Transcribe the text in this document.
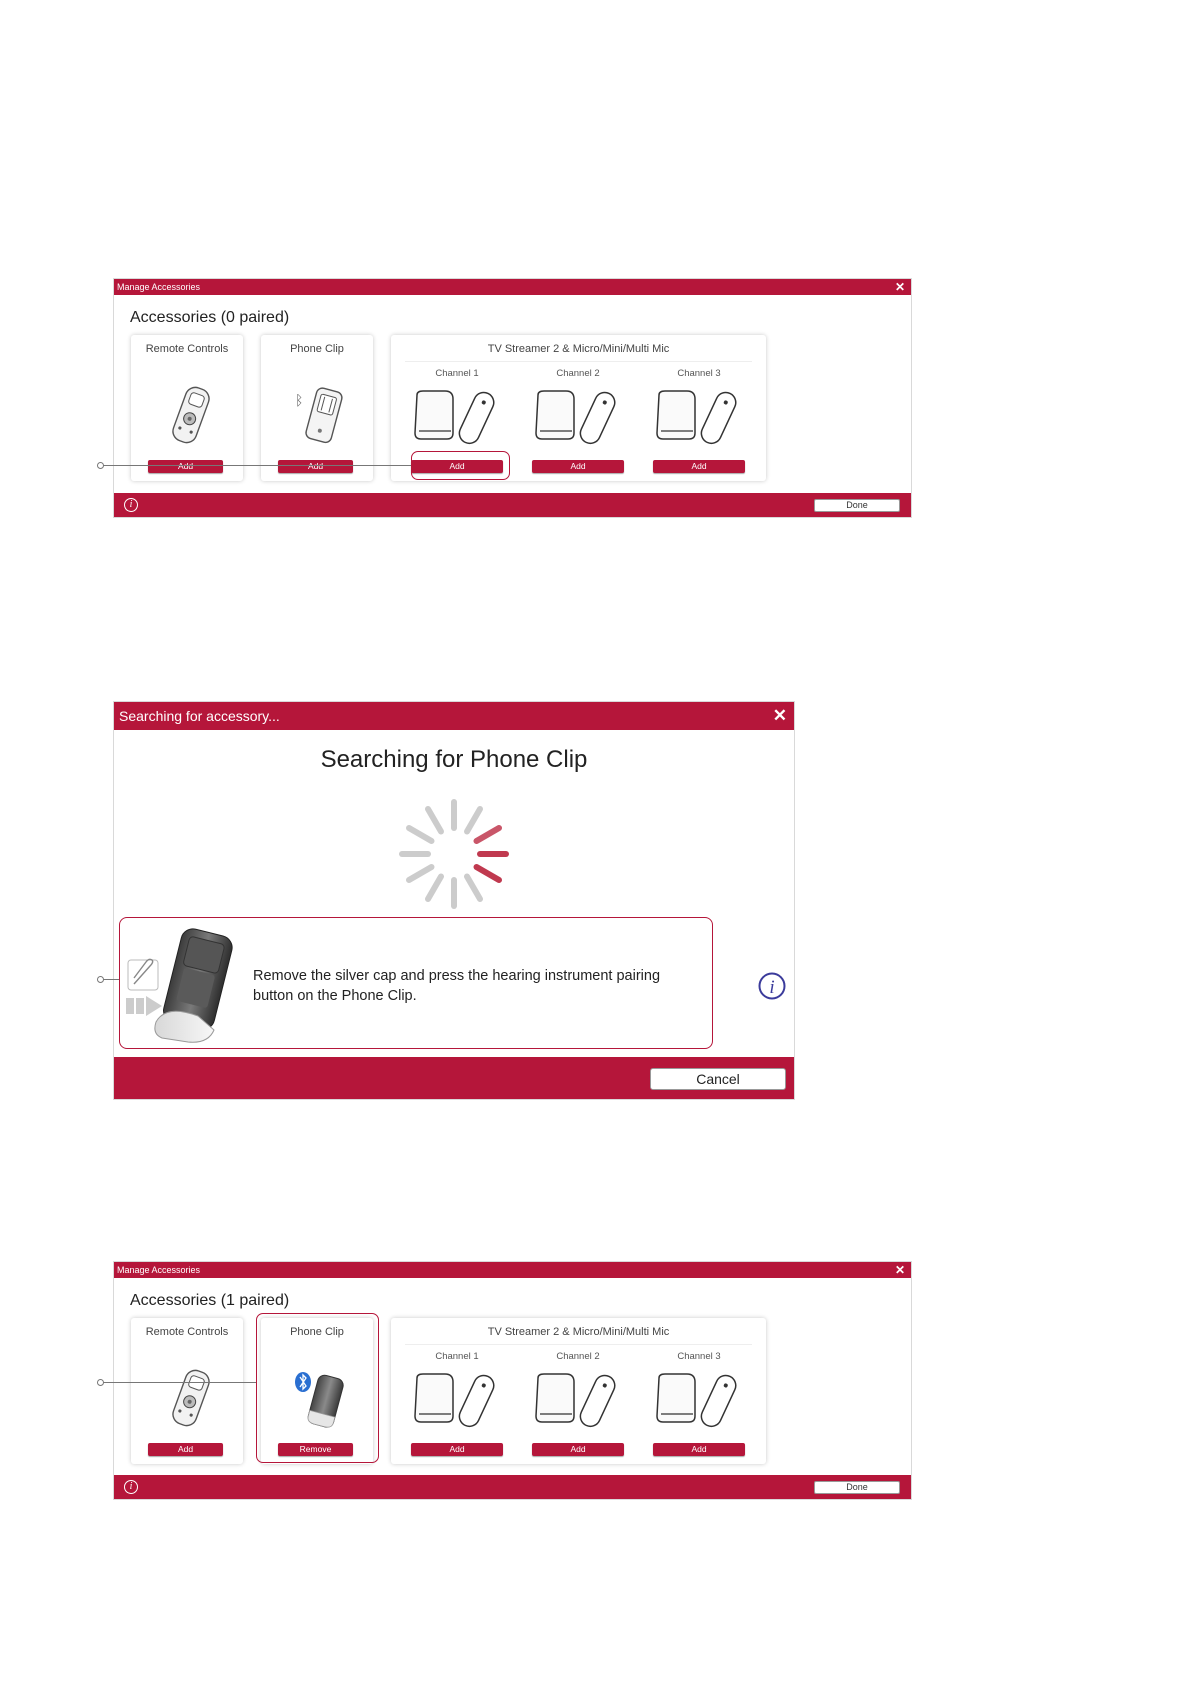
Manage Accessories	✕
Accessories (0 paired)
Remote Controls
Add
Phone Clip
ᛒ
Add
TV Streamer 2 & Micro/Mini/Multi Mic
Channel 1
Add
Channel 2
Add
Channel 3
Add
i	Done
Searching for accessory...	✕
Searching for Phone Clip
Remove the silver cap and press the hearing instrument pairing button on the Phone Clip.	i
Cancel
Manage Accessories	✕
Accessories (1 paired)
Remote Controls
Add
Phone Clip
Remove
TV Streamer 2 & Micro/Mini/Multi Mic
Channel 1
Add
Channel 2
Add
Channel 3
Add
i	Done
